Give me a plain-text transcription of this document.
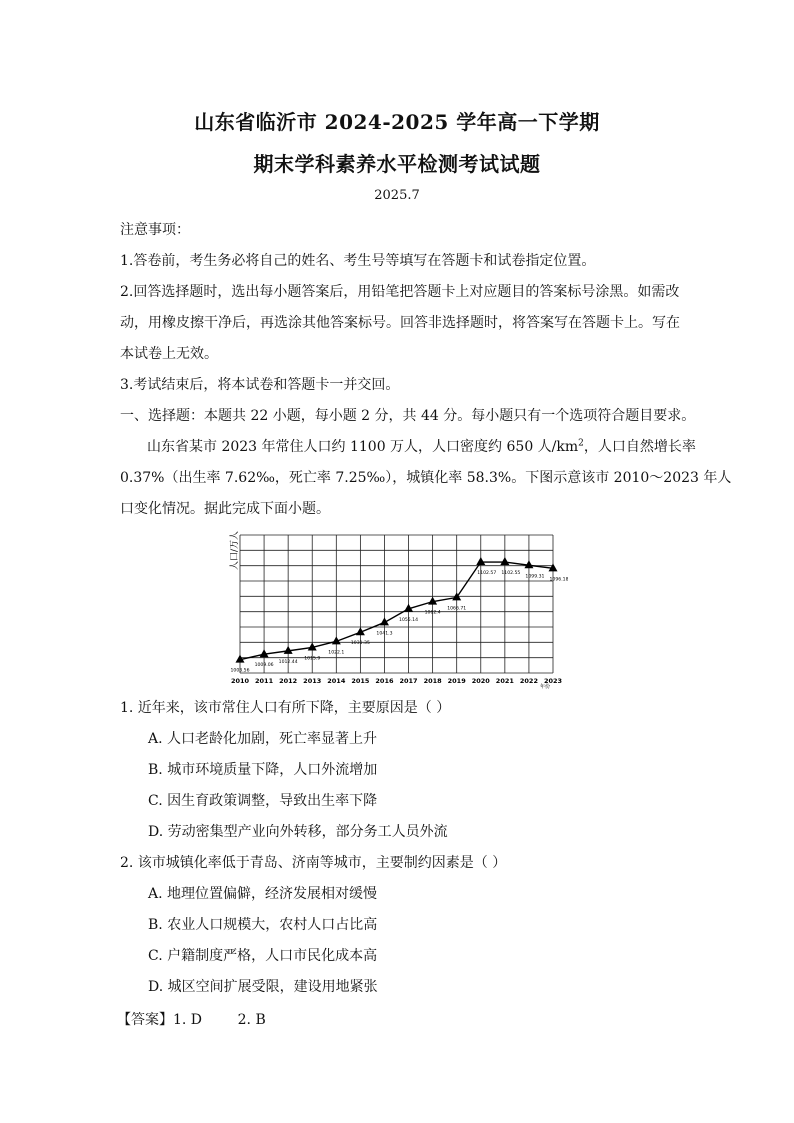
山东省临沂市 2024-2025 学年高一下学期
期末学科素养水平检测考试试题
2025.7
注意事项：
1.答卷前，考生务必将自己的姓名、考生号等填写在答题卡和试卷指定位置。
2.回答选择题时，选出每小题答案后，用铅笔把答题卡上对应题目的答案标号涂黑。如需改
动，用橡皮擦干净后，再选涂其他答案标号。回答非选择题时，将答案写在答题卡上。写在
本试卷上无效。
3.考试结束后，将本试卷和答题卡一并交回。
一、选择题：本题共 22 小题，每小题 2 分，共 44 分。每小题只有一个选项符合题目要求。
山东省某市 2023 年常住人口约 1100 万人，人口密度约 650 人$/km^2$，人口自然增长率
0.37%（出生率 7.62‰，死亡率 7.25‰），城镇化率 58.3%。下图示意该市 2010～2023 年人
口变化情况。据此完成下面小题。
1003.56
1009.06
1012.44
1015.9
1022.1
1031.35
1041.3
1055.14
1062.4
1066.71
1102.57 1102.55
1099.31
1096.18
2010 2011 2012 2013 2014 2015 2016 2017 2018 2019 2020 2021 2022 2023
人口/万人
年份
1. 近年来，该市常住人口有所下降，主要原因是（ ）
A. 人口老龄化加剧，死亡率显著上升
B. 城市环境质量下降，人口外流增加
C. 因生育政策调整，导致出生率下降
D. 劳动密集型产业向外转移，部分务工人员外流
2. 该市城镇化率低于青岛、济南等城市，主要制约因素是（ ）
A. 地理位置偏僻，经济发展相对缓慢
B. 农业人口规模大，农村人口占比高
C. 户籍制度严格，人口市民化成本高
D. 城区空间扩展受限，建设用地紧张
【答案】1. D        2. B
